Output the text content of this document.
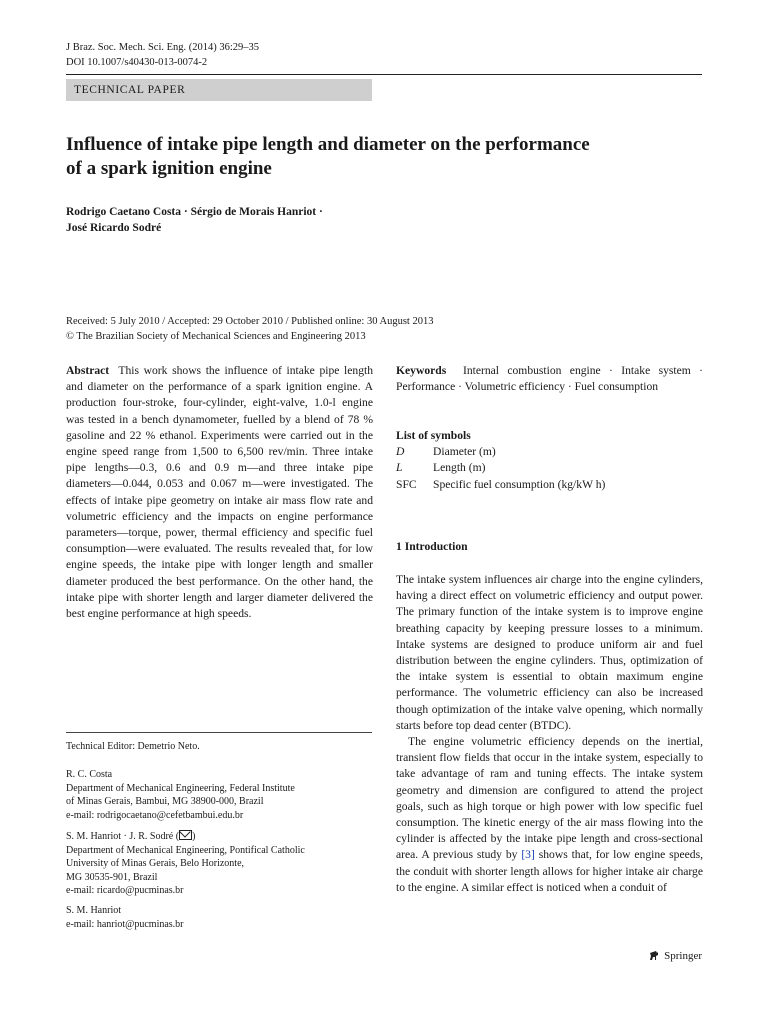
J Braz. Soc. Mech. Sci. Eng. (2014) 36:29–35
DOI 10.1007/s40430-013-0074-2
TECHNICAL PAPER
Influence of intake pipe length and diameter on the performance
of a spark ignition engine
Rodrigo Caetano Costa · Sérgio de Morais Hanriot ·
José Ricardo Sodré
Received: 5 July 2010 / Accepted: 29 October 2010 / Published online: 30 August 2013
© The Brazilian Society of Mechanical Sciences and Engineering 2013
Abstract This work shows the influence of intake pipe length and diameter on the performance of a spark ignition engine. A production four-stroke, four-cylinder, eight-valve, 1.0-l engine was tested in a bench dynamometer, fuelled by a blend of 78 % gasoline and 22 % ethanol. Experiments were carried out in the engine speed range from 1,500 to 6,500 rev/min. Three intake pipe lengths—0.3, 0.6 and 0.9 m—and three intake pipe diameters—0.044, 0.053 and 0.067 m—were investigated. The effects of intake pipe geometry on intake air mass flow rate and volumetric efficiency and the impacts on engine performance parameters—torque, power, thermal efficiency and specific fuel consumption—were evaluated. The results revealed that, for low engine speeds, the intake pipe with longer length and smaller diameter produced the best performance. On the other hand, the intake pipe with shorter length and larger diameter delivered the best engine performance at high speeds.
Technical Editor: Demetrio Neto.
R. C. Costa
Department of Mechanical Engineering, Federal Institute
of Minas Gerais, Bambui, MG 38900-000, Brazil
e-mail: rodrigocaetano@cefetbambui.edu.br
S. M. Hanriot · J. R. Sodré ( )
Department of Mechanical Engineering, Pontifical Catholic
University of Minas Gerais, Belo Horizonte,
MG 30535-901, Brazil
e-mail: ricardo@pucminas.br
S. M. Hanriot
e-mail: hanriot@pucminas.br
Keywords Internal combustion engine · Intake system · Performance · Volumetric efficiency · Fuel consumption
List of symbols
D	Diameter (m)
L	Length (m)
SFC	Specific fuel consumption (kg/kW h)
1 Introduction
The intake system influences air charge into the engine cylinders, having a direct effect on volumetric efficiency and output power. The primary function of the intake system is to improve engine breathing capacity by keeping pressure losses to a minimum. Intake systems are designed to produce uniform air and fuel distribution between the engine cylinders. Thus, optimization of the intake system is essential to obtain maximum engine performance. The volumetric efficiency can also be increased though optimization of the intake valve opening, which normally starts before top dead center (BTDC).
The engine volumetric efficiency depends on the inertial, transient flow fields that occur in the intake system, especially to take advantage of ram and tuning effects. The intake system geometry and dimension are configured to attend the project goals, such as high torque or high power with low specific fuel consumption. The kinetic energy of the air mass flowing into the cylinder is affected by the intake pipe length and cross-sectional area. A previous study by [3] shows that, for low engine speeds, the conduit with shorter length allows for higher intake air charge to the engine. A similar effect is noticed when a conduit of
Springer
